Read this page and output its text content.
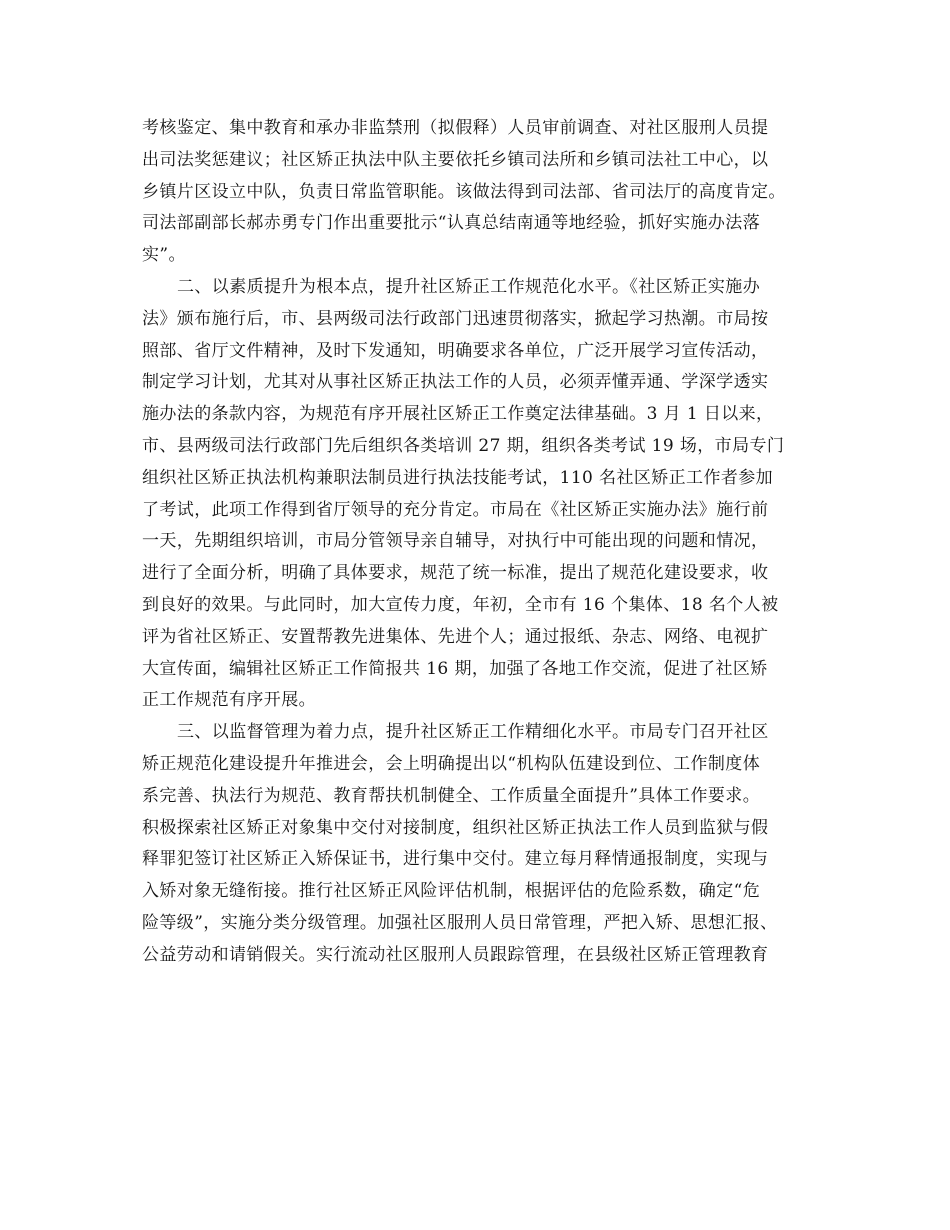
考核鉴定、集中教育和承办非监禁刑（拟假释）人员审前调查、对社区服刑人员提
出司法奖惩建议；社区矫正执法中队主要依托乡镇司法所和乡镇司法社工中心，以
乡镇片区设立中队，负责日常监管职能。该做法得到司法部、省司法厅的高度肯定。
司法部副部长郝赤勇专门作出重要批示“认真总结南通等地经验，抓好实施办法落
实”。
二、以素质提升为根本点，提升社区矫正工作规范化水平。《社区矫正实施办
法》颁布施行后，市、县两级司法行政部门迅速贯彻落实，掀起学习热潮。市局按
照部、省厅文件精神，及时下发通知，明确要求各单位，广泛开展学习宣传活动，
制定学习计划，尤其对从事社区矫正执法工作的人员，必须弄懂弄通、学深学透实
施办法的条款内容，为规范有序开展社区矫正工作奠定法律基础。3 月 1 日以来，
市、县两级司法行政部门先后组织各类培训 27 期，组织各类考试 19 场，市局专门
组织社区矫正执法机构兼职法制员进行执法技能考试，110 名社区矫正工作者参加
了考试，此项工作得到省厅领导的充分肯定。市局在《社区矫正实施办法》施行前
一天，先期组织培训，市局分管领导亲自辅导，对执行中可能出现的问题和情况，
进行了全面分析，明确了具体要求，规范了统一标准，提出了规范化建设要求，收
到良好的效果。与此同时，加大宣传力度，年初，全市有 16 个集体、18 名个人被
评为省社区矫正、安置帮教先进集体、先进个人；通过报纸、杂志、网络、电视扩
大宣传面，编辑社区矫正工作简报共 16 期，加强了各地工作交流，促进了社区矫
正工作规范有序开展。
三、以监督管理为着力点，提升社区矫正工作精细化水平。市局专门召开社区
矫正规范化建设提升年推进会，会上明确提出以“机构队伍建设到位、工作制度体
系完善、执法行为规范、教育帮扶机制健全、工作质量全面提升”具体工作要求。
积极探索社区矫正对象集中交付对接制度，组织社区矫正执法工作人员到监狱与假
释罪犯签订社区矫正入矫保证书，进行集中交付。建立每月释情通报制度，实现与
入矫对象无缝衔接。推行社区矫正风险评估机制，根据评估的危险系数，确定“危
险等级”，实施分类分级管理。加强社区服刑人员日常管理，严把入矫、思想汇报、
公益劳动和请销假关。实行流动社区服刑人员跟踪管理，在县级社区矫正管理教育
